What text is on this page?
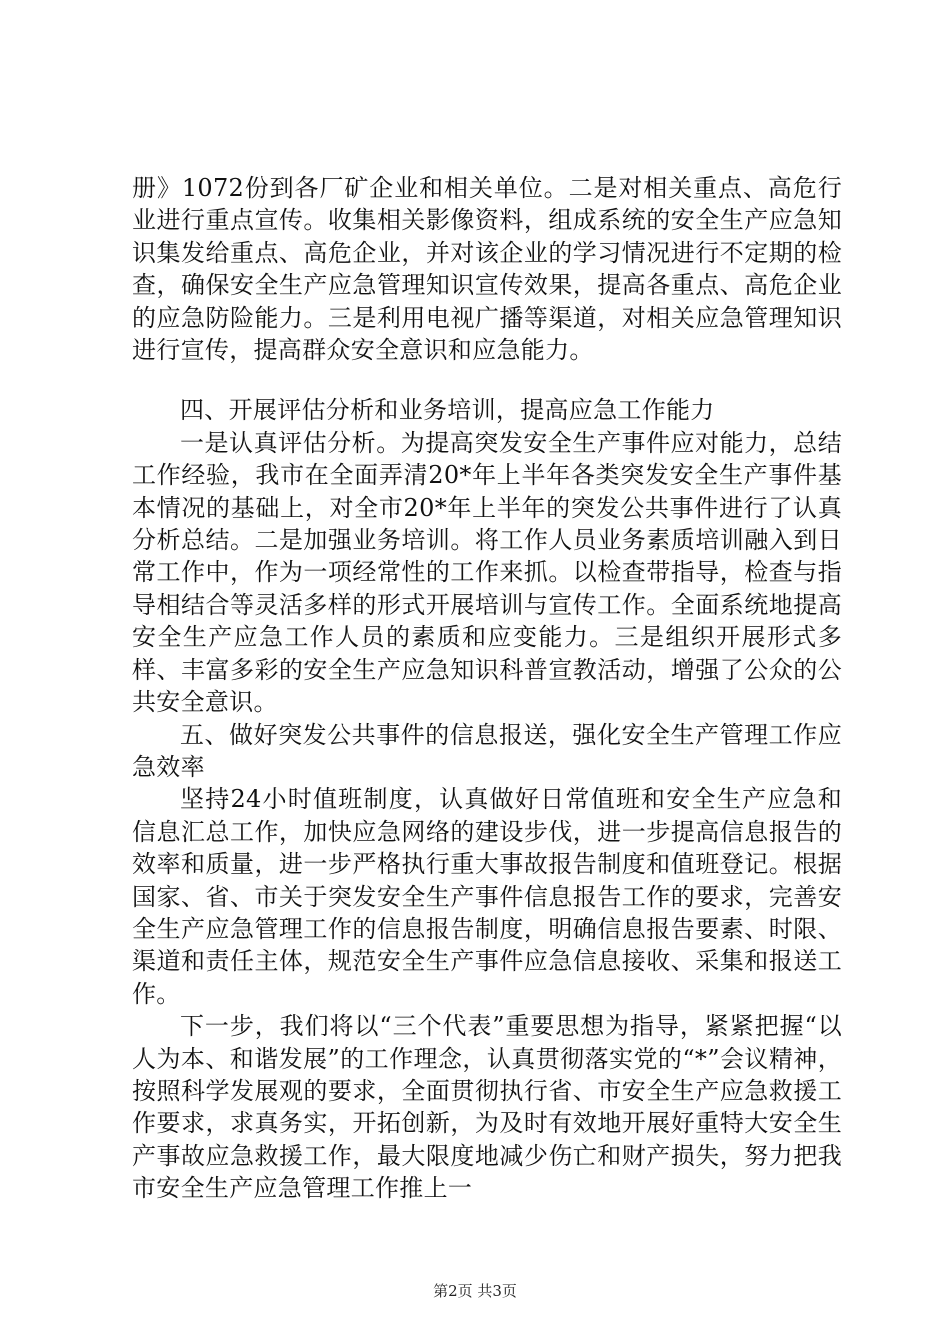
册》1072份到各厂矿企业和相关单位。二是对相关重点、高危行业进行重点宣传。收集相关影像资料，组成系统的安全生产应急知识集发给重点、高危企业，并对该企业的学习情况进行不定期的检查，确保安全生产应急管理知识宣传效果，提高各重点、高危企业的应急防险能力。三是利用电视广播等渠道，对相关应急管理知识进行宣传，提高群众安全意识和应急能力。

四、开展评估分析和业务培训，提高应急工作能力

一是认真评估分析。为提高突发安全生产事件应对能力，总结工作经验，我市在全面弄清20*年上半年各类突发安全生产事件基本情况的基础上，对全市20*年上半年的突发公共事件进行了认真分析总结。二是加强业务培训。将工作人员业务素质培训融入到日常工作中，作为一项经常性的工作来抓。以检查带指导，检查与指导相结合等灵活多样的形式开展培训与宣传工作。全面系统地提高安全生产应急工作人员的素质和应变能力。三是组织开展形式多样、丰富多彩的安全生产应急知识科普宣教活动，增强了公众的公共安全意识。

五、做好突发公共事件的信息报送，强化安全生产管理工作应急效率

坚持24小时值班制度，认真做好日常值班和安全生产应急和信息汇总工作，加快应急网络的建设步伐，进一步提高信息报告的效率和质量，进一步严格执行重大事故报告制度和值班登记。根据国家、省、市关于突发安全生产事件信息报告工作的要求，完善安全生产应急管理工作的信息报告制度，明确信息报告要素、时限、渠道和责任主体，规范安全生产事件应急信息接收、采集和报送工作。

下一步，我们将以“三个代表”重要思想为指导，紧紧把握“以人为本、和谐发展”的工作理念，认真贯彻落实党的“*”会议精神，按照科学发展观的要求，全面贯彻执行省、市安全生产应急救援工作要求，求真务实，开拓创新，为及时有效地开展好重特大安全生产事故应急救援工作，最大限度地减少伤亡和财产损失，努力把我市安全生产应急管理工作推上一

第2页 共3页
